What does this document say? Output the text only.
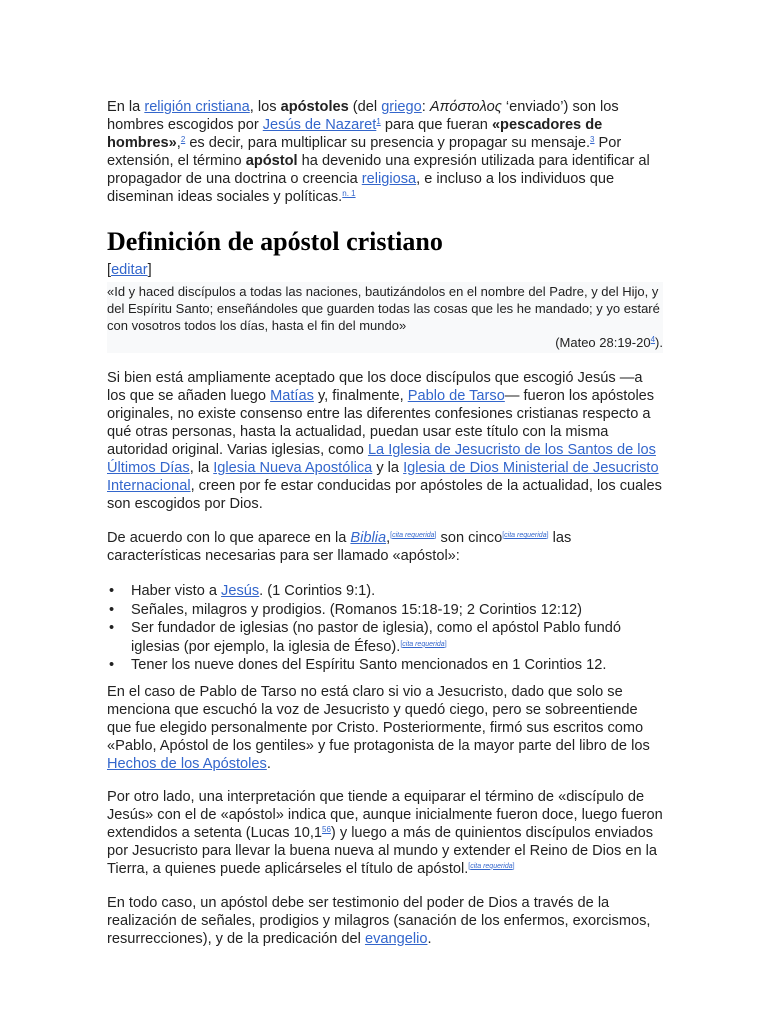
En la religión cristiana, los apóstoles (del griego: Απόστολος ‘enviado’) son los hombres escogidos por Jesús de Nazaret$^1$ para que fueran «pescadores de hombres»,$^2$ es decir, para multiplicar su presencia y propagar su mensaje.$^3$ Por extensión, el término apóstol ha devenido una expresión utilizada para identificar al propagador de una doctrina o creencia religiosa, e incluso a los individuos que diseminan ideas sociales y políticas.$^{n. 1}$

Definición de apóstol cristiano
[editar]
«Id y haced discípulos a todas las naciones, bautizándolos en el nombre del Padre, y del Hijo, y del Espíritu Santo; enseñándoles que guarden todas las cosas que les he mandado; y yo estaré con vosotros todos los días, hasta el fin del mundo»
(Mateo $28:19-20^4$).

Si bien está ampliamente aceptado que los doce discípulos que escogió Jesús —a los que se añaden luego Matías y, finalmente, Pablo de Tarso— fueron los apóstoles originales, no existe consenso entre las diferentes confesiones cristianas respecto a qué otras personas, hasta la actualidad, puedan usar este título con la misma autoridad original. Varias iglesias, como La Iglesia de Jesucristo de los Santos de los Últimos Días, la Iglesia Nueva Apostólica y la Iglesia de Dios Ministerial de Jesucristo Internacional, creen por fe estar conducidas por apóstoles de la actualidad, los cuales son escogidos por Dios.

De acuerdo con lo que aparece en la Biblia,[cita requerida] son cinco[cita requerida] las características necesarias para ser llamado «apóstol»:

• Haber visto a Jesús. (1 Corintios 9:1).
• Señales, milagros y prodigios. (Romanos 15:18-19; 2 Corintios 12:12)
• Ser fundador de iglesias (no pastor de iglesia), como el apóstol Pablo fundó iglesias (por ejemplo, la iglesia de Éfeso).[cita requerida]
• Tener los nueve dones del Espíritu Santo mencionados en 1 Corintios 12.

En el caso de Pablo de Tarso no está claro si vio a Jesucristo, dado que solo se menciona que escuchó la voz de Jesucristo y quedó ciego, pero se sobreentiende que fue elegido personalmente por Cristo. Posteriormente, firmó sus escritos como «Pablo, Apóstol de los gentiles» y fue protagonista de la mayor parte del libro de los Hechos de los Apóstoles.

Por otro lado, una interpretación que tiende a equiparar el término de «discípulo de Jesús» con el de «apóstol» indica que, aunque inicialmente fueron doce, luego fueron extendidos a setenta (Lucas 10,1$^{56}$) y luego a más de quinientos discípulos enviados por Jesucristo para llevar la buena nueva al mundo y extender el Reino de Dios en la Tierra, a quienes puede aplicárseles el título de apóstol.[cita requerida]

En todo caso, un apóstol debe ser testimonio del poder de Dios a través de la realización de señales, prodigios y milagros (sanación de los enfermos, exorcismos, resurrecciones), y de la predicación del evangelio.
